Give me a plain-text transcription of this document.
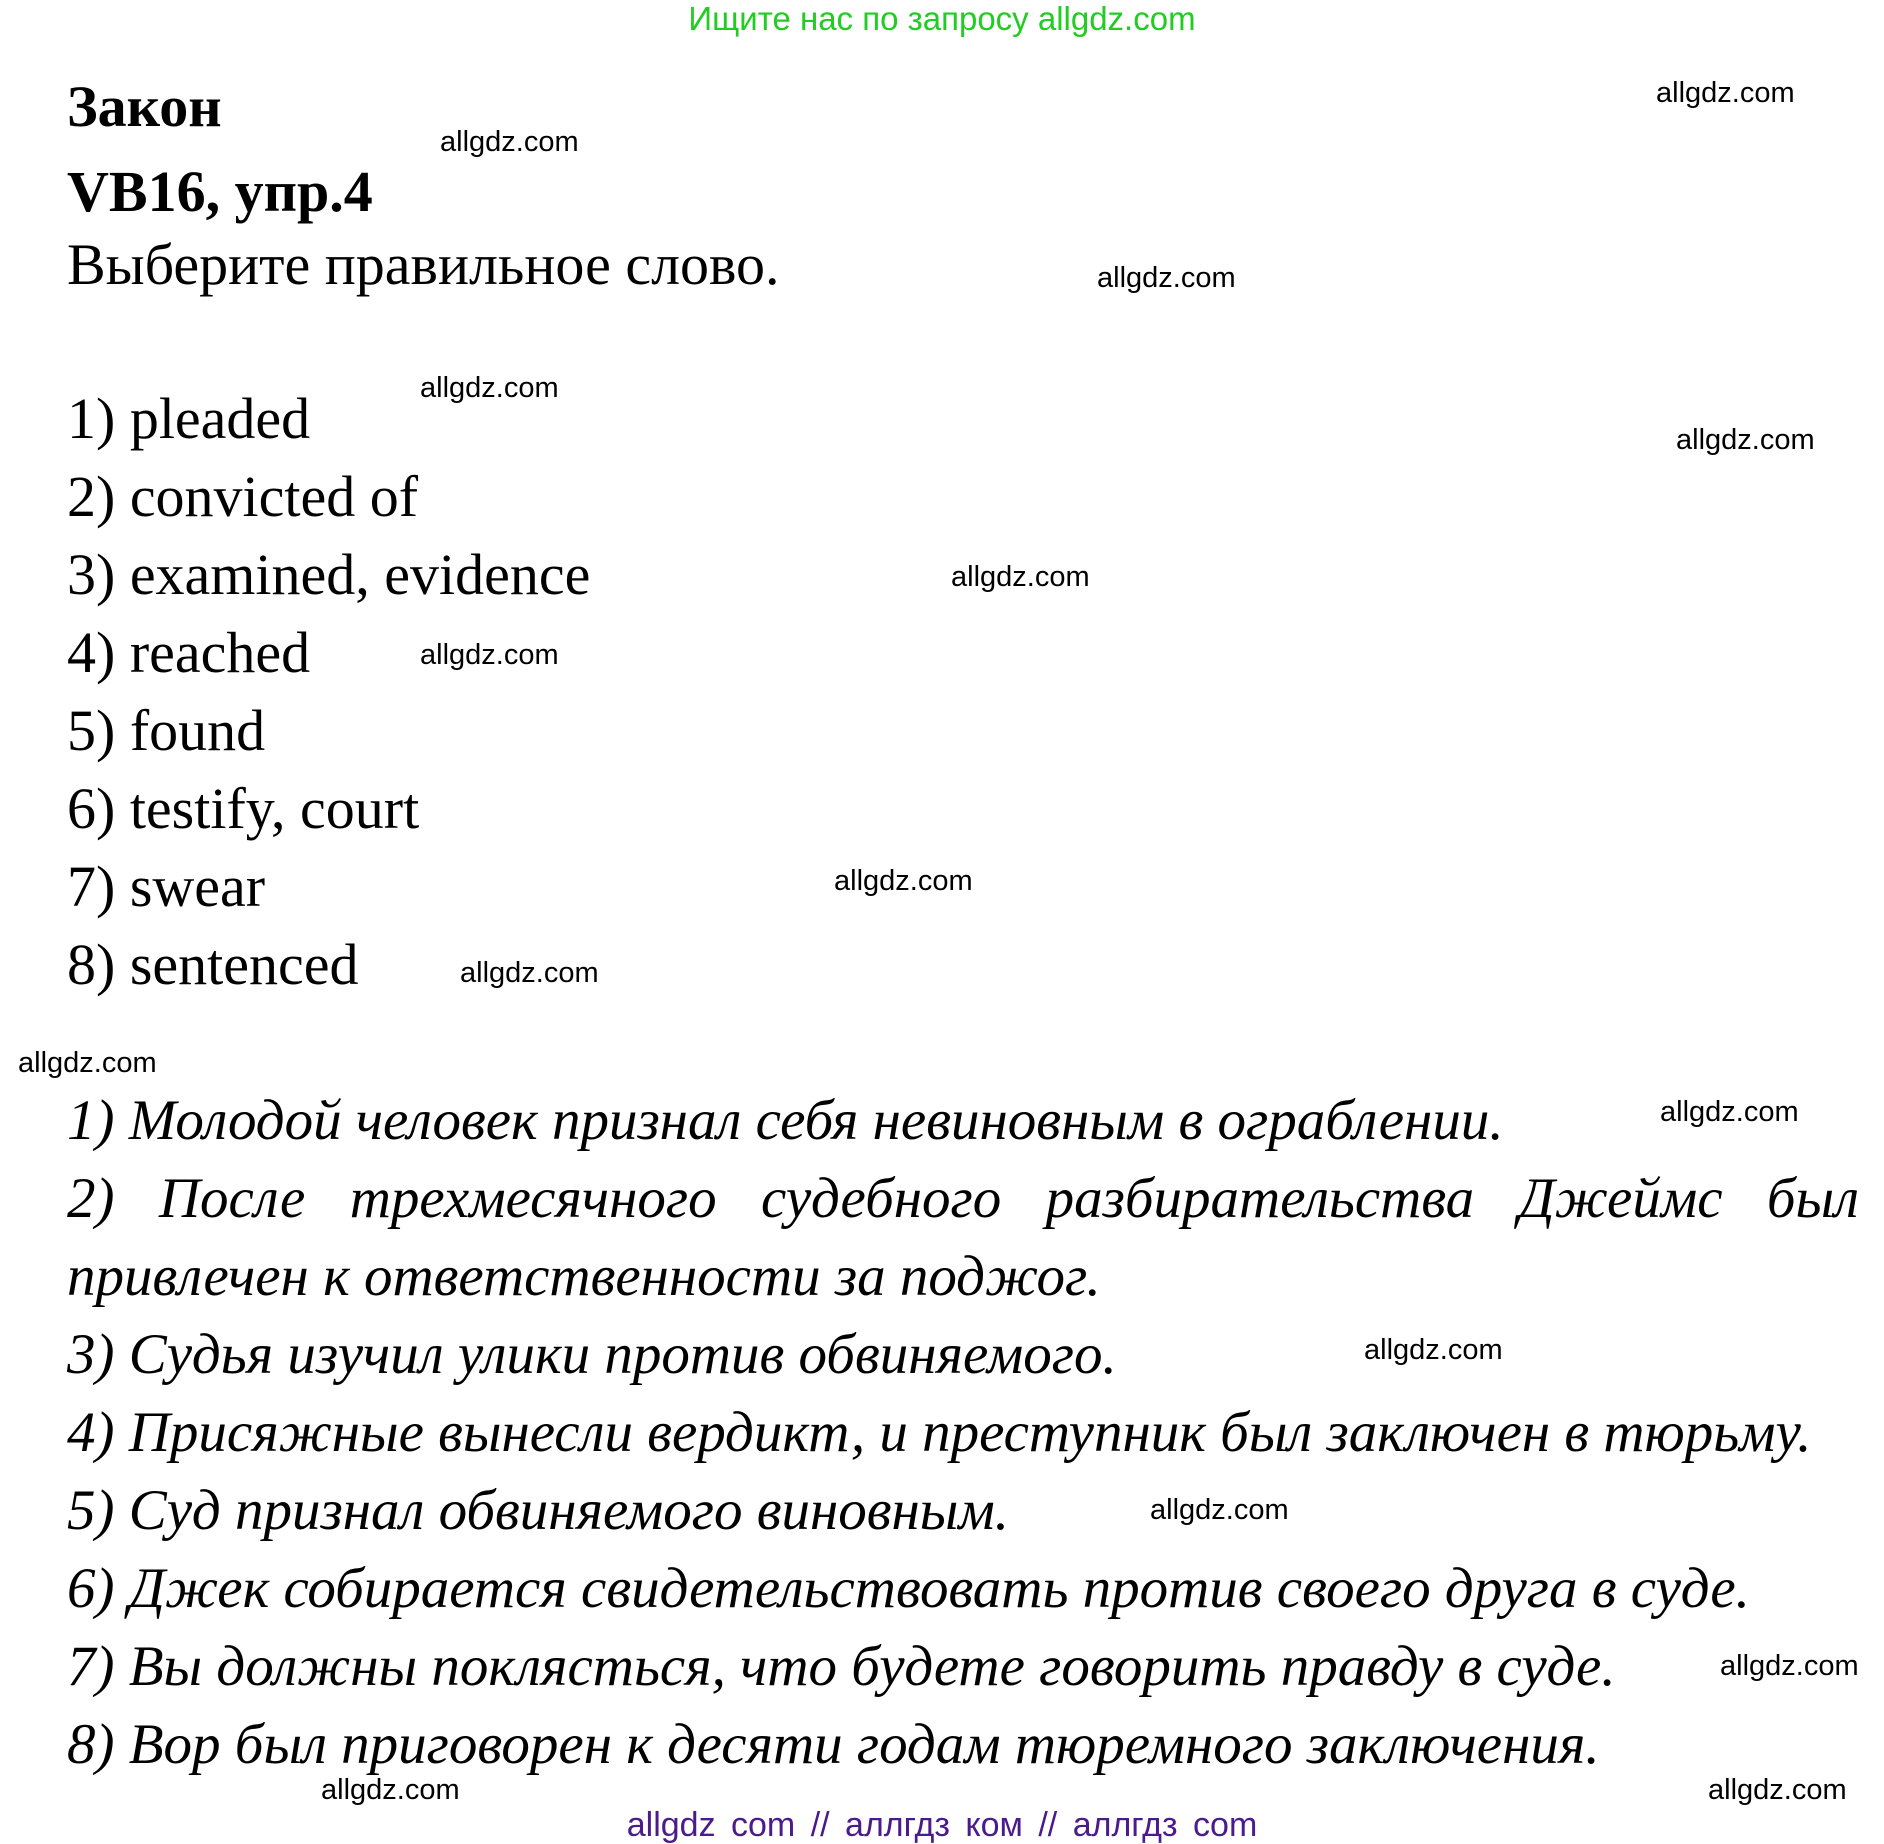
Ищите нас по запросу allgdz.com
Закон
VB16, упр.4
Выберите правильное слово.
1) pleaded
2) convicted of
3) examined, evidence
4) reached
5) found
6) testify, court
7) swear
8) sentenced
1) Молодой человек признал себя невиновным в ограблении.
2) После трехмесячного судебного разбирательства Джеймс был
привлечен к ответственности за поджог.
3) Судья изучил улики против обвиняемого.
4) Присяжные вынесли вердикт, и преступник был заключен в тюрьму.
5) Суд признал обвиняемого виновным.
6) Джек собирается свидетельствовать против своего друга в суде.
7) Вы должны поклясться, что будете говорить правду в суде.
8) Вор был приговорен к десяти годам тюремного заключения.
allgdz.com
allgdz.com
allgdz.com
allgdz.com
allgdz.com
allgdz.com
allgdz.com
allgdz.com
allgdz.com
allgdz.com
allgdz.com
allgdz.com
allgdz.com
allgdz.com
allgdz.com	allgdz.com
allgdz com // аллгдз ком // аллгдз com
